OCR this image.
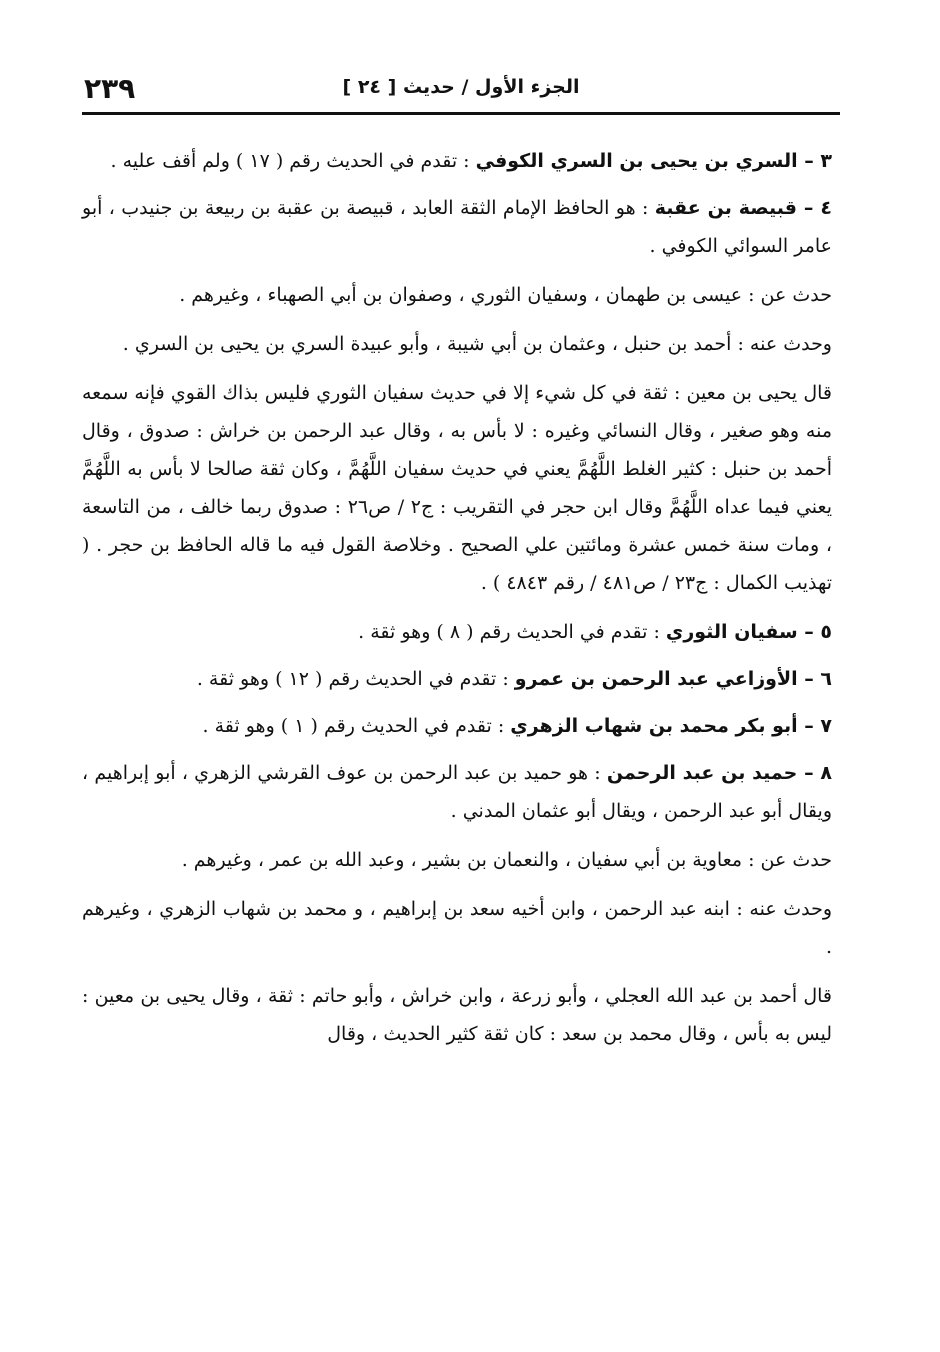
٢٣٩	الجزء الأول / حديث [ ٢٤ ]

٣ – السري بن يحيى بن السري الكوفي : تقدم في الحديث رقم ( ١٧ ) ولم أقف عليه .

٤ – قبيصة بن عقبة : هو الحافظ الإمام الثقة العابد ، قبيصة بن عقبة بن ربيعة بن جنيدب ، أبو عامر السوائي الكوفي .

حدث عن : عيسى بن طهمان ، وسفيان الثوري ، وصفوان بن أبي الصهباء ، وغيرهم .

وحدث عنه : أحمد بن حنبل ، وعثمان بن أبي شيبة ، وأبو عبيدة السري بن يحيى بن السري .

قال يحيى بن معين : ثقة في كل شيء إلا في حديث سفيان الثوري فليس بذاك القوي فإنه سمعه منه وهو صغير ، وقال النسائي وغيره : لا بأس به ، وقال عبد الرحمن بن خراش : صدوق ، وقال أحمد بن حنبل : كثير الغلط اللَّهُمَّ يعني في حديث سفيان اللَّهُمَّ ، وكان ثقة صالحا لا بأس به اللَّهُمَّ يعني فيما عداه اللَّهُمَّ وقال ابن حجر في التقريب : ج٢ / ص٢٦ : صدوق ربما خالف ، من التاسعة ، ومات سنة خمس عشرة ومائتين علي الصحيح . وخلاصة القول فيه ما قاله الحافظ بن حجر . ( تهذيب الكمال : ج٢٣ / ص٤٨١ / رقم ٤٨٤٣ ) .

٥ – سفيان الثوري : تقدم في الحديث رقم ( ٨ ) وهو ثقة .

٦ – الأوزاعي عبد الرحمن بن عمرو : تقدم في الحديث رقم ( ١٢ ) وهو ثقة .

٧ – أبو بكر محمد بن شهاب الزهري : تقدم في الحديث رقم ( ١ ) وهو ثقة .

٨ – حميد بن عبد الرحمن : هو حميد بن عبد الرحمن بن عوف القرشي الزهري ، أبو إبراهيم ، ويقال أبو عبد الرحمن ، ويقال أبو عثمان المدني .

حدث عن : معاوية بن أبي سفيان ، والنعمان بن بشير ، وعبد الله بن عمر ، وغيرهم .

وحدث عنه : ابنه عبد الرحمن ، وابن أخيه سعد بن إبراهيم ، و محمد بن شهاب الزهري ، وغيرهم .

قال أحمد بن عبد الله العجلي ، وأبو زرعة ، وابن خراش ، وأبو حاتم : ثقة ، وقال يحيى بن معين : ليس به بأس ، وقال محمد بن سعد : كان ثقة كثير الحديث ، وقال
